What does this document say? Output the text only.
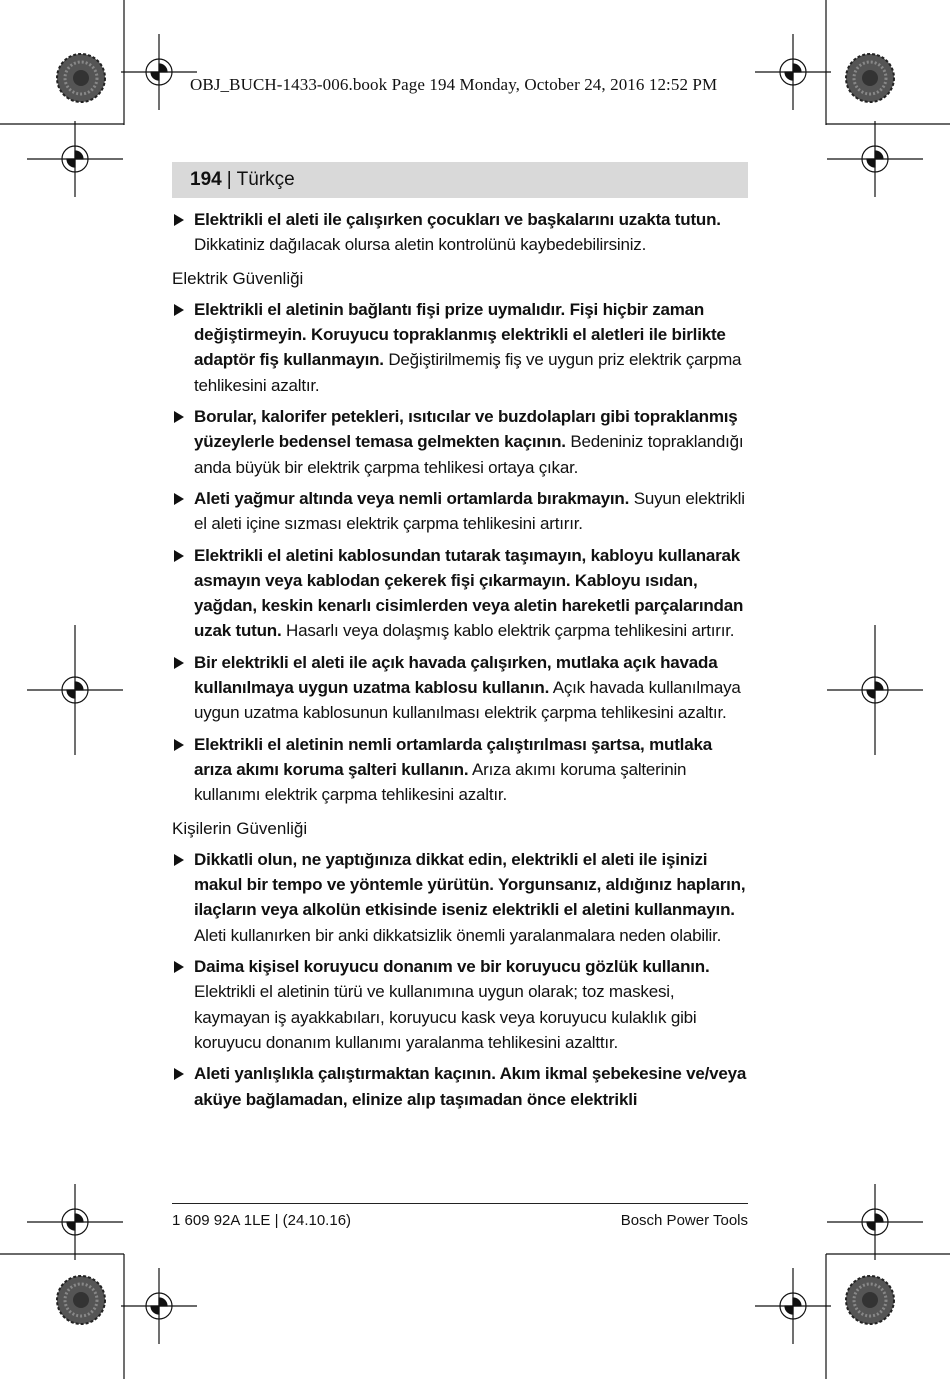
OBJ_BUCH-1433-006.book Page 194 Monday, October 24, 2016 12:52 PM
194 | Türkçe
Elektrikli el aleti ile çalışırken çocukları ve başkalarını uzakta tutun. Dikkatiniz dağılacak olursa aletin kontrolünü kaybedebilirsiniz.
Elektrik Güvenliği
Elektrikli el aletinin bağlantı fişi prize uymalıdır. Fişi hiçbir zaman değiştirmeyin. Koruyucu topraklanmış elektrikli el aletleri ile birlikte adaptör fiş kullanmayın. Değiştirilmemiş fiş ve uygun priz elektrik çarpma tehlikesini azaltır.
Borular, kalorifer petekleri, ısıtıcılar ve buzdolapları gibi topraklanmış yüzeylerle bedensel temasa gelmekten kaçının. Bedeniniz topraklandığı anda büyük bir elektrik çarpma tehlikesi ortaya çıkar.
Aleti yağmur altında veya nemli ortamlarda bırakmayın. Suyun elektrikli el aleti içine sızması elektrik çarpma tehlikesini artırır.
Elektrikli el aletini kablosundan tutarak taşımayın, kabloyu kullanarak asmayın veya kablodan çekerek fişi çıkarmayın. Kabloyu ısıdan, yağdan, keskin kenarlı cisimlerden veya aletin hareketli parçalarından uzak tutun. Hasarlı veya dolaşmış kablo elektrik çarpma tehlikesini artırır.
Bir elektrikli el aleti ile açık havada çalışırken, mutlaka açık havada kullanılmaya uygun uzatma kablosu kullanın. Açık havada kullanılmaya uygun uzatma kablosunun kullanılması elektrik çarpma tehlikesini azaltır.
Elektrikli el aletinin nemli ortamlarda çalıştırılması şartsa, mutlaka arıza akımı koruma şalteri kullanın. Arıza akımı koruma şalterinin kullanımı elektrik çarpma tehlikesini azaltır.
Kişilerin Güvenliği
Dikkatli olun, ne yaptığınıza dikkat edin, elektrikli el aleti ile işinizi makul bir tempo ve yöntemle yürütün. Yorgunsanız, aldığınız hapların, ilaçların veya alkolün etkisinde iseniz elektrikli el aletini kullanmayın. Aleti kullanırken bir anki dikkatsizlik önemli yaralanmalara neden olabilir.
Daima kişisel koruyucu donanım ve bir koruyucu gözlük kullanın. Elektrikli el aletinin türü ve kullanımına uygun olarak; toz maskesi, kaymayan iş ayakkabıları, koruyucu kask veya koruyucu kulaklık gibi koruyucu donanım kullanımı yaralanma tehlikesini azalttır.
Aleti yanlışlıkla çalıştırmaktan kaçının. Akım ikmal şebekesine ve/veya aküye bağlamadan, elinize alıp taşımadan önce elektrikli
1 609 92A 1LE | (24.10.16)	Bosch Power Tools
